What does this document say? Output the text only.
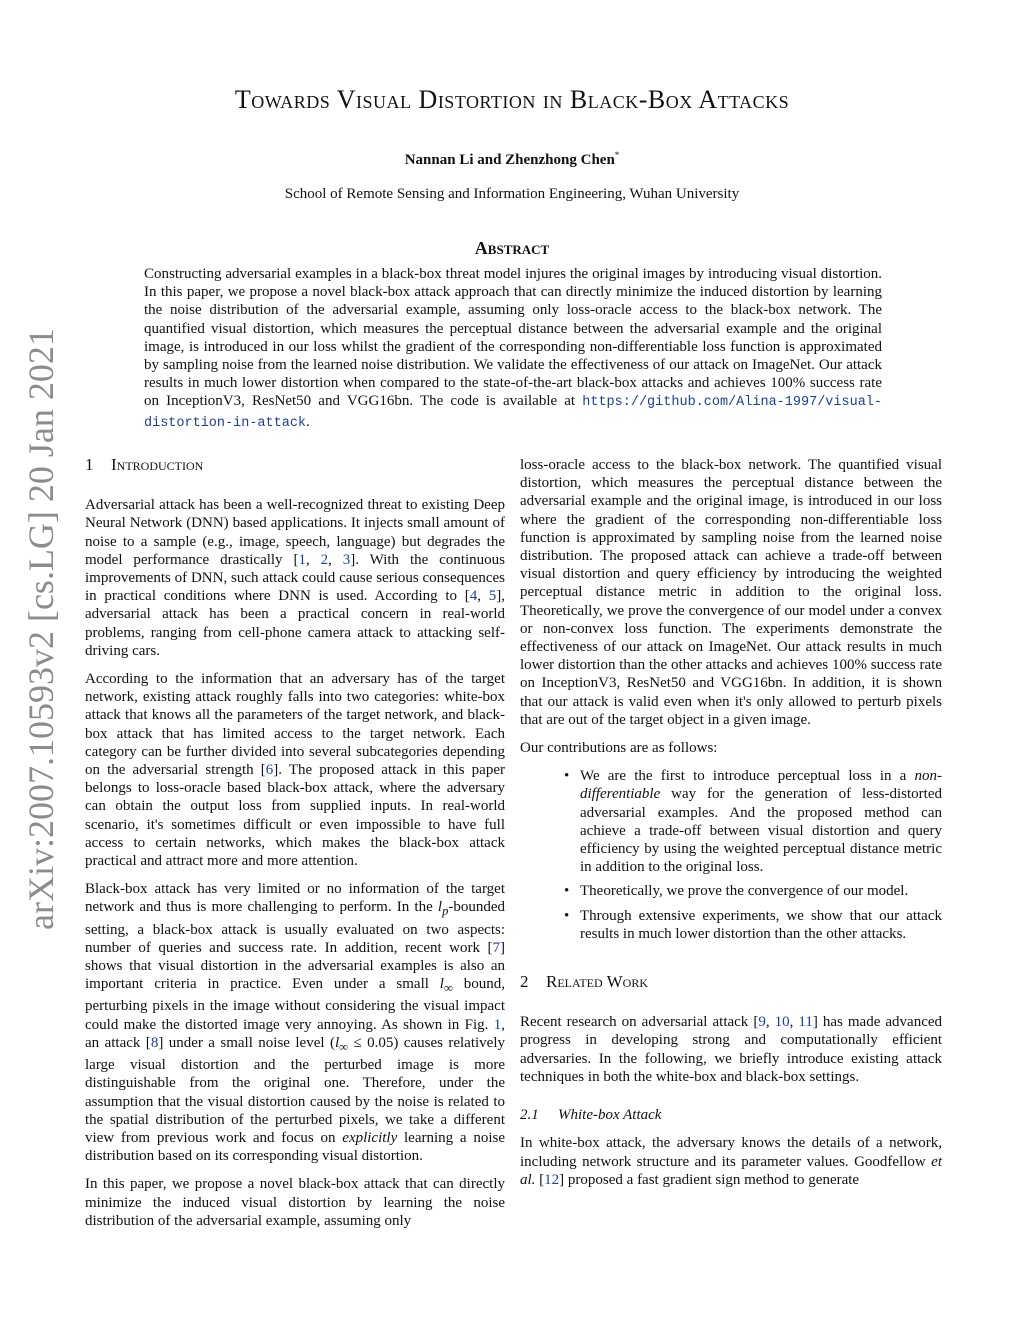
arXiv:2007.10593v2 [cs.LG] 20 Jan 2021
Towards Visual Distortion in Black-Box Attacks
Nannan Li and Zhenzhong Chen*
School of Remote Sensing and Information Engineering, Wuhan University
Abstract
Constructing adversarial examples in a black-box threat model injures the original images by introducing visual distortion. In this paper, we propose a novel black-box attack approach that can directly minimize the induced distortion by learning the noise distribution of the adversarial example, assuming only loss-oracle access to the black-box network. The quantified visual distortion, which measures the perceptual distance between the adversarial example and the original image, is introduced in our loss whilst the gradient of the corresponding non-differentiable loss function is approximated by sampling noise from the learned noise distribution. We validate the effectiveness of our attack on ImageNet. Our attack results in much lower distortion when compared to the state-of-the-art black-box attacks and achieves 100% success rate on InceptionV3, ResNet50 and VGG16bn. The code is available at https://github.com/Alina-1997/visual-distortion-in-attack.
1 Introduction

Adversarial attack has been a well-recognized threat to existing Deep Neural Network (DNN) based applications. It injects small amount of noise to a sample (e.g., image, speech, language) but degrades the model performance drastically [1, 2, 3]. With the continuous improvements of DNN, such attack could cause serious consequences in practical conditions where DNN is used. According to [4, 5], adversarial attack has been a practical concern in real-world problems, ranging from cell-phone camera attack to attacking self-driving cars.

According to the information that an adversary has of the target network, existing attack roughly falls into two categories: white-box attack that knows all the parameters of the target network, and black-box attack that has limited access to the target network. Each category can be further divided into several subcategories depending on the adversarial strength [6]. The proposed attack in this paper belongs to loss-oracle based black-box attack, where the adversary can obtain the output loss from supplied inputs. In real-world scenario, it's sometimes difficult or even impossible to have full access to certain networks, which makes the black-box attack practical and attract more and more attention.

Black-box attack has very limited or no information of the target network and thus is more challenging to perform. In the $l_p$-bounded setting, a black-box attack is usually evaluated on two aspects: number of queries and success rate. In addition, recent work [7] shows that visual distortion in the adversarial examples is also an important criteria in practice. Even under a small $l_\infty$ bound, perturbing pixels in the image without considering the visual impact could make the distorted image very annoying. As shown in Fig. 1, an attack [8] under a small noise level $(l_\infty \le 0.05)$ causes relatively large visual distortion and the perturbed image is more distinguishable from the original one. Therefore, under the assumption that the visual distortion caused by the noise is related to the spatial distribution of the perturbed pixels, we take a different view from previous work and focus on explicitly learning a noise distribution based on its corresponding visual distortion.

In this paper, we propose a novel black-box attack that can directly minimize the induced visual distortion by learning the noise distribution of the adversarial example, assuming only

loss-oracle access to the black-box network. The quantified visual distortion, which measures the perceptual distance between the adversarial example and the original image, is introduced in our loss where the gradient of the corresponding non-differentiable loss function is approximated by sampling noise from the learned noise distribution. The proposed attack can achieve a trade-off between visual distortion and query efficiency by introducing the weighted perceptual distance metric in addition to the original loss. Theoretically, we prove the convergence of our model under a convex or non-convex loss function. The experiments demonstrate the effectiveness of our attack on ImageNet. Our attack results in much lower distortion than the other attacks and achieves 100% success rate on InceptionV3, ResNet50 and VGG16bn. In addition, it is shown that our attack is valid even when it's only allowed to perturb pixels that are out of the target object in a given image.

Our contributions are as follows:

• We are the first to introduce perceptual loss in a non-differentiable way for the generation of less-distorted adversarial examples. And the proposed method can achieve a trade-off between visual distortion and query efficiency by using the weighted perceptual distance metric in addition to the original loss.
• Theoretically, we prove the convergence of our model.
• Through extensive experiments, we show that our attack results in much lower distortion than the other attacks.
2 Related Work

Recent research on adversarial attack [9, 10, 11] has made advanced progress in developing strong and computationally efficient adversaries. In the following, we briefly introduce existing attack techniques in both the white-box and black-box settings.

2.1 White-box Attack

In white-box attack, the adversary knows the details of a network, including network structure and its parameter values. Goodfellow et al. [12] proposed a fast gradient sign method to generate
